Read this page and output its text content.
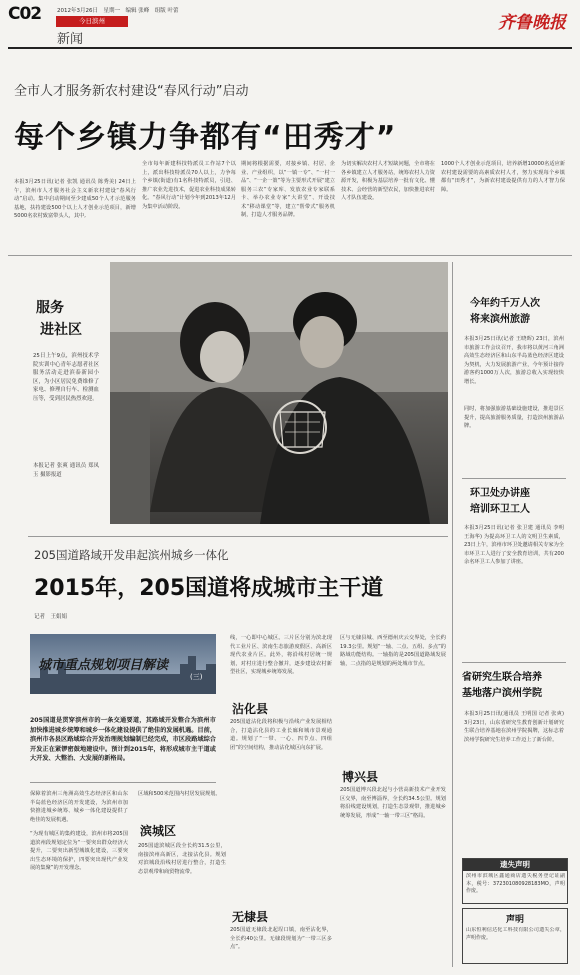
C02	2012年3月26日　星期一　编辑 张峰　组版 叶蕾
今日滨州
新闻
齐鲁晚报
全市人才服务新农村建设“春风行动”启动
每个乡镇力争都有“田秀才”
本报3月25日讯(记者 张凯 通讯员 陈秀美) 24日上午，滨州市人才服务社会主义新农村建设“春风行动”启动。集中启动期间至少建成50个人才示范服务基地，扶持建设500个以上人才创业示范项目，新增5000名农村致富带头人，其中,
全市每年新建科技特派员工作站7个以上，派出科技特派员70人以上，力争每个乡镇(街道)有1名科技特派员，引进、推广农业先进技术，促进农业科技成果转化。“春风行动”计划今年到2013年12月为集中活动阶段。
期间将根据需要，对接乡镇、村居、企业、产业组织，以“一镇一专”、“一村一品”、“一企一策”等为主要形式开展“建立服务三农”专家库、发放农业专家联系卡、举办农业专家“大讲堂”、开设技术“移动课堂”等，建立“帮带式”服务机制，打造人才服务品牌。
为切实解决农村人才短缺问题，全市将在各乡镇建立人才服务站，统筹农村人力资源开发，积极为基层培养一批有文化、懂技术、会经营的新型农民，加快推进农村人才队伍建设。
1000个人才创业示范项目，培养新增10000名适应新农村建设需要的高素质农村人才，努力实现每个乡镇都有“田秀才”，为新农村建设提供有力的人才智力保障。
服务
进社区
25日上午9点，滨州技术学院实训中心青年志愿者社区服务活动走进滨泰新园小区，为小区居民免费维修了家电、修理自行车、检测血压等，受到居民热烈欢迎。
本报记者 张爽 通讯员 郑凤玉 摄影报道
205国道路域开发串起滨州城乡一体化
2015年，205国道将成城市主干道
记者　王娟娟
城市重点规划项目解读
(三)
205国道是贯穿滨州市的一条交通要道，其路域开发整合为滨州市加快推进城乡统筹和城乡一体化建设提供了绝佳的发展机遇。目前，滨州市各县区路域综合开发治理规划编制已经完成，市区段路域综合开发正在紧锣密鼓地建设中。预计到2015年，将形成城市主干道或大开发、大整治、大发展的新格局。
保障着滨州三角洲高效生态经济区和山东半岛蓝色经济区的开发建设，为滨州市加快推进城乡统筹、城乡一体化建设提供了绝佳的发展机遇。
“为现有城区的集约建设，滨州市将205国道滨州段规划定位为“一要突出群众经济大提升，二要突出新型城镇化建设，三要突出生态环境的保护，四要突出现代产业发展的集聚”的开发理念。
区域和500米范围内村居发展规划。
滨城区
205国道滨城区段全长约31.5公里，南接滨州高新区，北接沾化县。规划对滨城段沿线村居进行整合，打造生态景观带和商贸物流带。
线，一心即中心城区。三片区分别为滨北现代工业片区、滨南生态旅游度假区、高新区现代农业片区。此外，将沿线村居统一规划，对村庄进行整合撤并，逐步建设农村新型社区，实现城乡统筹发展。
沾化县
205国道沾化段将积极与沿线产业发展相结合，打造沾化县的工业长廊和城市景观通道。规划了“一带、一心、四节点、四组团”的空间结构，推动沾化城区向东扩展。
无棣县
205国道无棣段北起埕口镇，南至沾化界，全长约40公里。无棣段规划为“一带三区多点”。
区与无棣县城、西至德州庆云交界处，全长约19.3公里。规划“一轴、二点、五组、多点”的路域功能结构。一轴指的是205国道路域发展轴，二点指的是规划的两处城市节点。
博兴县
205国道博兴段北起与小营高新技术产业开发区交界，南至博淄界，全长约34.5公里。规划将沿线建设规划，打造生态景观带，推进城乡统筹发展，形成“一轴一带三区”格局。
今年约千万人次
将来滨州旅游
本报3月25日讯(记者 王晓晖) 23日，滨州市旅游工作会议召开，我市将以黄河三角洲高效生态经济区和山东半岛蓝色经济区建设为契机，大力发展旅游产业，今年预计接待游客约1000万人次，旅游总收入实现较快增长。
同时，将加强旅游基础设施建设，推进景区提升，提高旅游服务质量，打造滨州旅游品牌。
环卫处办讲座
培训环卫工人
本报3月25日讯(记者 张卫建 通讯员 李明 王海华) 为提高环卫工人的文明卫生素质，23日上午，滨州市环卫处邀请相关专家为全市环卫工人进行了安全教育培训，共有200余名环卫工人参加了讲座。
省研究生联合培养
基地落户滨州学院
本报3月25日讯(通讯员 王明国 记者 张爽) 3月23日，山东省研究生教育创新计划研究生联合培养基地在滨州学院揭牌，这标志着滨州学院研究生培养工作迈上了新台阶。
遗失声明
滨州市滨城区鑫通商店遗失税务登记证副本，税号：372301080928183MO，声明作废。
声明
山东恒利信达化工科技有限公司遗失公章，声明作废。
